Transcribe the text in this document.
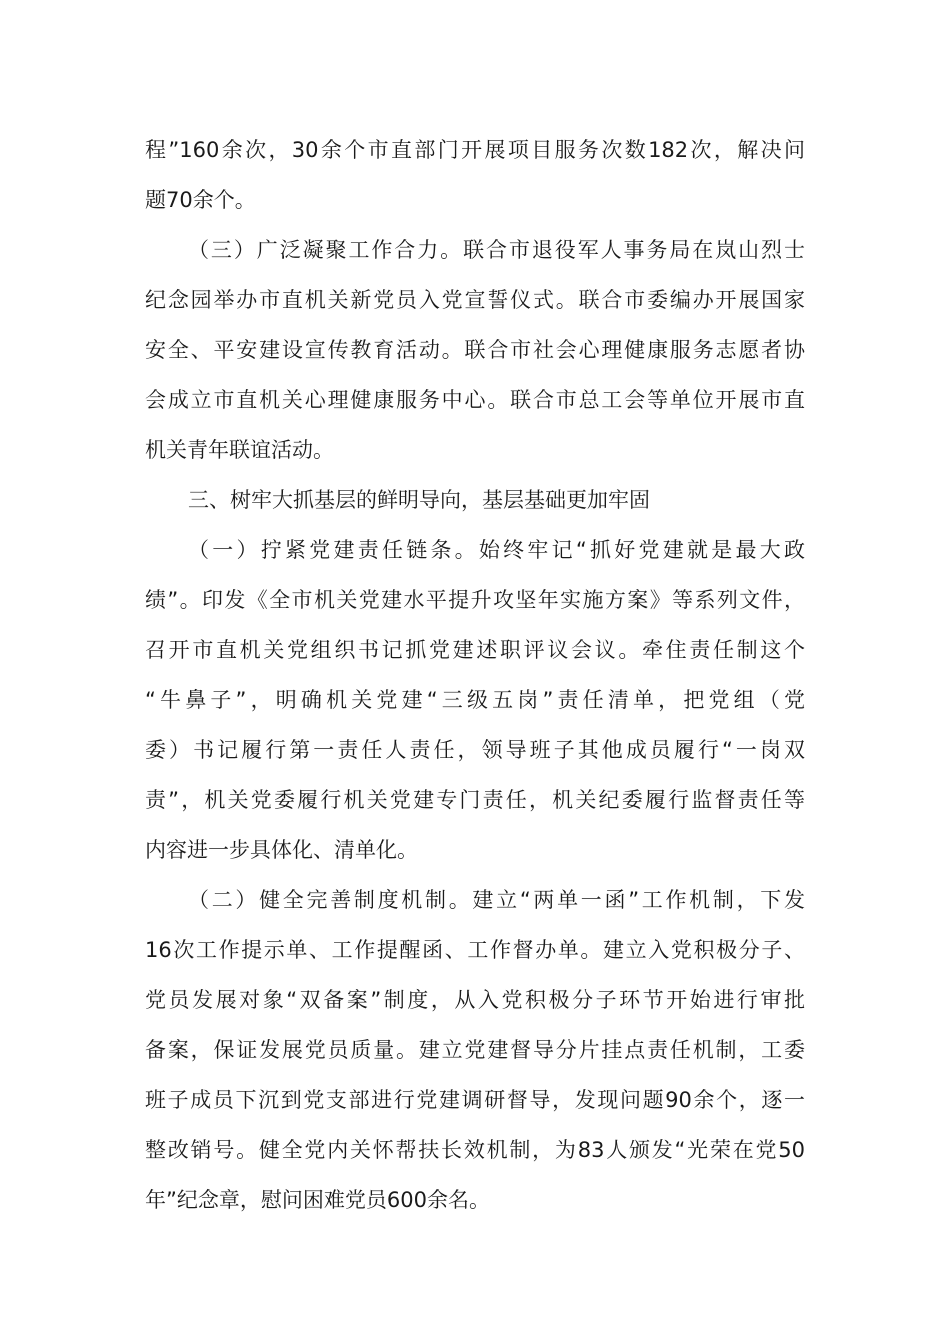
程”160余次，30余个市直部门开展项目服务次数182次，解决问
题70余个。
（三）广泛凝聚工作合力。联合市退役军人事务局在岚山烈士
纪念园举办市直机关新党员入党宣誓仪式。联合市委编办开展国家
安全、平安建设宣传教育活动。联合市社会心理健康服务志愿者协
会成立市直机关心理健康服务中心。联合市总工会等单位开展市直
机关青年联谊活动。
三、树牢大抓基层的鲜明导向，基层基础更加牢固
（一）拧紧党建责任链条。始终牢记“抓好党建就是最大政
绩”。印发《全市机关党建水平提升攻坚年实施方案》等系列文件，
召开市直机关党组织书记抓党建述职评议会议。牵住责任制这个
“牛鼻子”，明确机关党建“三级五岗”责任清单，把党组（党
委）书记履行第一责任人责任，领导班子其他成员履行“一岗双
责”，机关党委履行机关党建专门责任，机关纪委履行监督责任等
内容进一步具体化、清单化。
（二）健全完善制度机制。建立“两单一函”工作机制，下发
16次工作提示单、工作提醒函、工作督办单。建立入党积极分子、
党员发展对象“双备案”制度，从入党积极分子环节开始进行审批
备案，保证发展党员质量。建立党建督导分片挂点责任机制，工委
班子成员下沉到党支部进行党建调研督导，发现问题90余个，逐一
整改销号。健全党内关怀帮扶长效机制，为83人颁发“光荣在党50
年”纪念章，慰问困难党员600余名。
